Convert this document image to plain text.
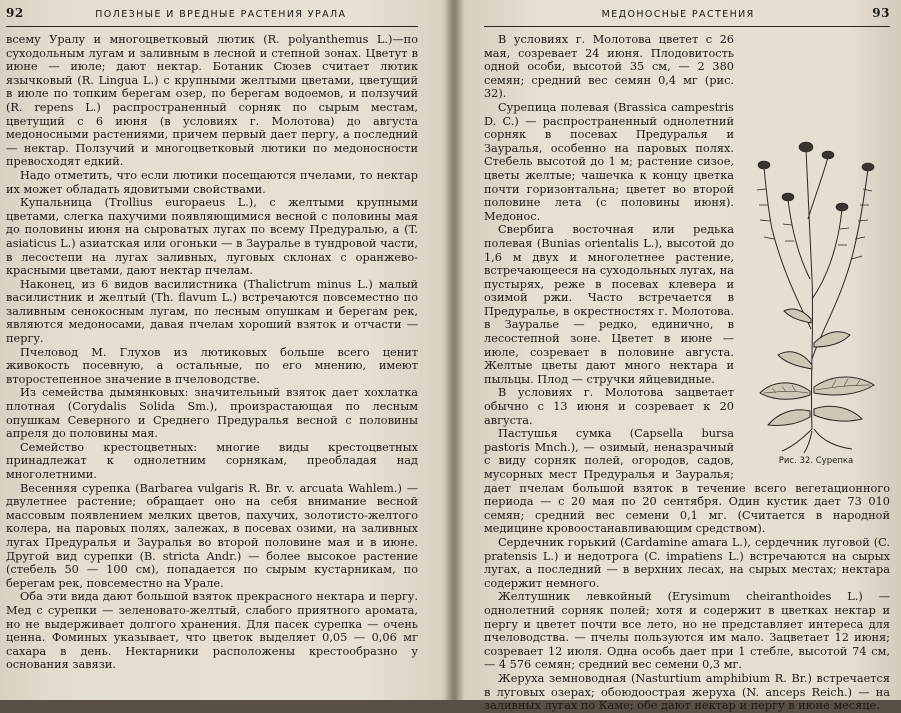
92	ПОЛЕЗНЫЕ И ВРЕДНЫЕ РАСТЕНИЯ УРАЛА

всему Уралу и многоцветковый лютик (R. polyanthemus L.)—по суходольным лугам и заливным в лесной и степной зонах. Цветут в июне — июле; дают нектар. Ботаник Сюзев считает лютик язычковый (R. Lingua L.) с крупными желтыми цветами, цветущий в июле по топким берегам озер, по берегам водоемов, и ползучий (R. repens L.) распространенный сорняк по сырым местам, цветущий с 6 июня (в условиях г. Молотова) до августа медоносными растениями, причем первый дает пергу, а последний — нектар. Ползучий и многоцветковый лютики по медоносности превосходят едкий.

Надо отметить, что если лютики посещаются пчелами, то нектар их может обладать ядовитыми свойствами.

Купальница (Trollius europaeus L.), с желтыми крупными цветами, слегка пахучими появляющимися весной с половины мая до половины июня на сыроватых лугах по всему Предуралью, а (T. asiaticus L.) азиатская или огоньки — в Зауралье в тундровой части, в лесостепи на лугах заливных, луговых склонах с оранжево-красными цветами, дают нектар пчелам.

Наконец, из 6 видов василистника (Thalictrum minus L.) малый василистник и желтый (Th. flavum L.) встречаются повсеместно по заливным сенокосным лугам, по лесным опушкам и берегам рек, являются медоносами, давая пчелам хороший взяток и отчасти — пергу.

Пчеловод М. Глухов из лютиковых больше всего ценит живокость посевную, а остальные, по его мнению, имеют второстепенное значение в пчеловодстве.

Из семейства дымянковых: значительный взяток дает хохлатка плотная (Corydalis Solida Sm.), произрастающая по лесным опушкам Северного и Среднего Предуралья весной с половины апреля до половины мая.

Семейство крестоцветных: многие виды крестоцветных принадлежат к однолетним сорнякам, преобладая над многолетними.

Весенняя сурепка (Barbarea vulgaris R. Br. v. arcuata Wahlem.) — двулетнее растение; обращает оно на себя внимание весной массовым появлением мелких цветов, пахучих, золотисто-желтого колера, на паровых полях, залежах, в посевах озими, на заливных лугах Предуралья и Зауралья во второй половине мая и в июне. Другой вид сурепки (B. stricta Andr.) — более высокое растение (стебель 50 — 100 см), попадается по сырым кустарникам, по берегам рек, повсеместно на Урале.

Оба эти вида дают большой взяток прекрасного нектара и пергу. Мед с сурепки — зеленовато-желтый, слабого приятного аромата, но не выдерживает долгого хранения. Для пасек сурепка — очень ценна. Фоминых указывает, что цветок выделяет 0,05 — 0,06 мг сахара в день. Нектарники расположены крестообразно у основания завязи.

МЕДОНОСНЫЕ РАСТЕНИЯ	93
Рис. 32. Сурепка

В условиях г. Молотова цветет с 26 мая, созревает 24 июня. Плодовитость одной особи, высотой 35 см, — 2 380 семян; средний вес семян 0,4 мг (рис. 32).

Сурепица полевая (Brassica campestris D. C.) — распространенный однолетний сорняк в посевах Предуралья и Зауралья, особенно на паровых полях. Стебель высотой до 1 м; растение сизое, цветы желтые; чашечка к концу цветка почти горизонтальна; цветет во второй половине лета (с половины июня). Медонос.

Свербига восточная или редька полевая (Bunias orientalis L.), высотой до 1,6 м двух и многолетнее растение, встречающееся на суходольных лугах, на пустырях, реже в посевах клевера и озимой ржи. Часто встречается в Предуралье, в окрестностях г. Молотова. в Зауралье — редко, единично, в лесостепной зоне. Цветет в июне — июле, созревает в половине августа. Желтые цветы дают много нектара и пыльцы. Плод — стручки яйцевидные.

В условиях г. Молотова зацветает обычно с 13 июня и созревает к 20 августа.

Пастушья сумка (Capsella bursa pastoris Mnch.), — озимый, неназрачный с виду сорняк полей, огородов, садов, мусорных мест Предуралья и Зауралья; дает пчелам большой взяток в течение всего вегетационного периода — с 20 мая по 20 сентября. Один кустик дает 73 010 семян; средний вес семени 0,1 мг. (Считается в народной медицине кровоостанавливающим средством).

Сердечник горький (Cardamine amara L.), сердечник луговой (C. pratensis L.) и недотрога (C. impatiens L.) встречаются на сырых лугах, а последний — в верхних лесах, на сырых местах; нектара содержит немного.

Желтушник левкойный (Erysimum cheiranthoides L.) — однолетний сорняк полей; хотя и содержит в цветках нектар и пергу и цветет почти все лето, но не представляет интереса для пчеловодства. — пчелы пользуются им мало. Зацветает 12 июня; созревает 12 июля. Одна особь дает при 1 стебле, высотой 74 см, — 4 576 семян; средний вес семени 0,3 мг.

Жеруха земноводная (Nasturtium amphibium R. Br.) встречается в луговых озерах; обоюдоострая жеруха (N. anceps Reich.) — на заливных лугах по Каме; обе дают нектар и пергу в июне месяце.
